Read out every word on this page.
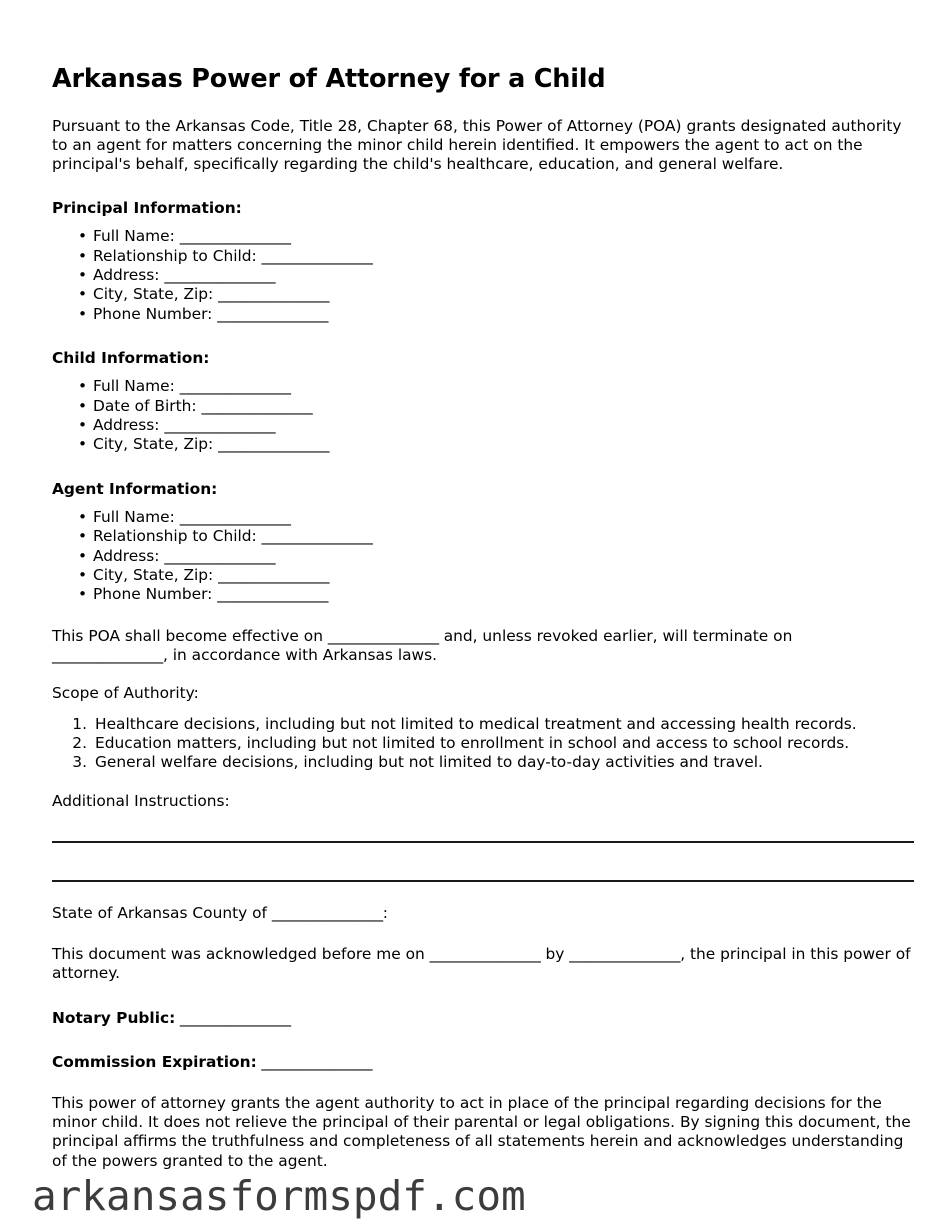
Arkansas Power of Attorney for a Child

Pursuant to the Arkansas Code, Title 28, Chapter 68, this Power of Attorney (POA) grants designated authority to an agent for matters concerning the minor child herein identified. It empowers the agent to act on the principal's behalf, specifically regarding the child's healthcare, education, and general welfare.

Principal Information:
• Full Name: _______________
• Relationship to Child: _______________
• Address: _______________
• City, State, Zip: _______________
• Phone Number: _______________
Child Information:
• Full Name: _______________
• Date of Birth: _______________
• Address: _______________
• City, State, Zip: _______________
Agent Information:
• Full Name: _______________
• Relationship to Child: _______________
• Address: _______________
• City, State, Zip: _______________
• Phone Number: _______________

This POA shall become effective on _______________ and, unless revoked earlier, will terminate on _______________, in accordance with Arkansas laws.

Scope of Authority:

Healthcare decisions, including but not limited to medical treatment and accessing health records.
Education matters, including but not limited to enrollment in school and access to school records.
General welfare decisions, including but not limited to day-to-day activities and travel.

Additional Instructions:

State of Arkansas County of _______________:

This document was acknowledged before me on _______________ by _______________, the principal in this power of attorney.

Notary Public: _______________

Commission Expiration: _______________

This power of attorney grants the agent authority to act in place of the principal regarding decisions for the minor child. It does not relieve the principal of their parental or legal obligations. By signing this document, the principal affirms the truthfulness and completeness of all statements herein and acknowledges understanding of the powers granted to the agent.

arkansasformspdf.com
